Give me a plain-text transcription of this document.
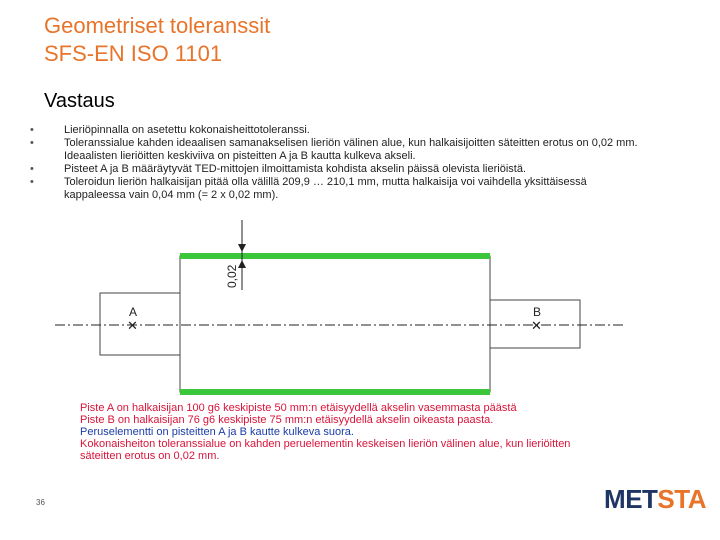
Geometriset toleranssit
SFS-EN ISO 1101
Vastaus
• Lieriöpinnalla on asetettu kokonaisheittotoleranssi.
• Toleranssialue kahden ideaalisen samanakselisen lieriön välinen alue, kun halkaisijoitten säteitten erotus on 0,02 mm. Ideaalisten lieriöitten keskiviiva on pisteitten A ja B kautta kulkeva akseli.
• Pisteet A ja B määräytyvät TED-mittojen ilmoittamista kohdista akselin päissä olevista lieriöistä.
• Toleroidun lieriön halkaisijan pitää olla välillä 209,9 … 210,1 mm, mutta halkaisija voi vaihdella yksittäisessä kappaleessa vain 0,04 mm (= 2 x 0,02 mm).
0,02
A
✕
B
✕
Piste A on halkaisijan 100 g6 keskipiste 50 mm:n etäisyydellä akselin vasemmasta päästä
Piste B on halkaisijan 76 g6 keskipiste 75 mm:n etäisyydellä akselin oikeasta paasta.
Peruselementti on pisteitten A ja B kautte kulkeva suora.
Kokonaisheiton toleranssialue on kahden peruelementin keskeisen lieriön välinen alue, kun lieriöitten säteitten erotus on 0,02 mm.
36	METSTA
